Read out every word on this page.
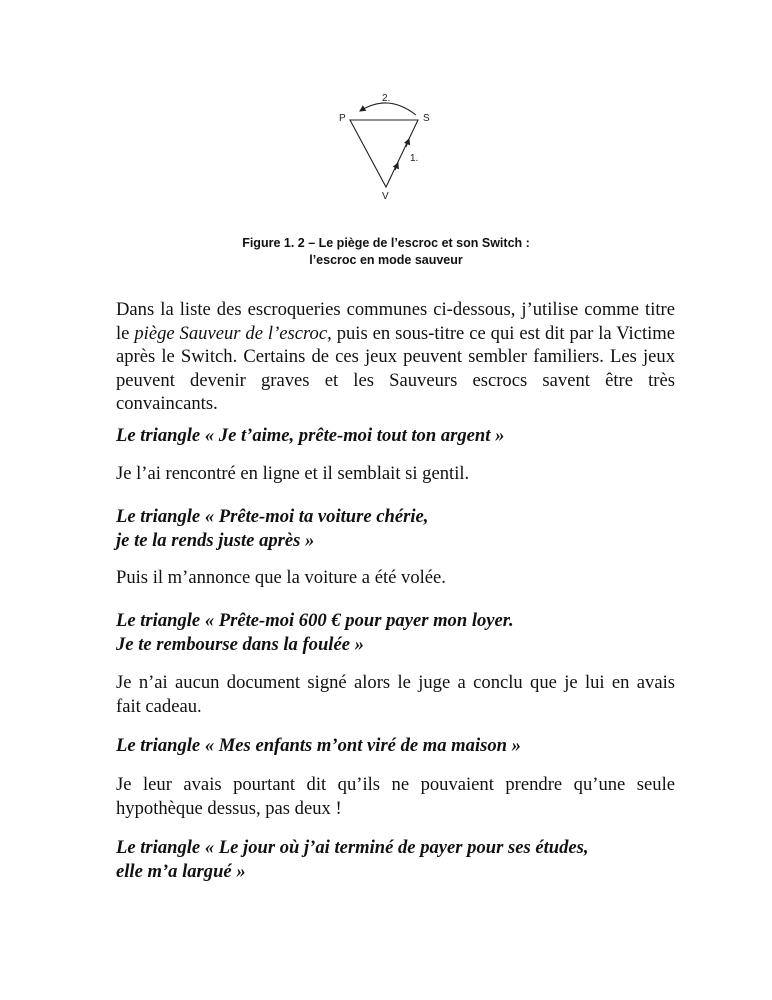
P	S
V
2.
1.
Figure 1. 2 – Le piège de l’escroc et son Switch :
l’escroc en mode sauveur
Dans la liste des escroqueries communes ci-dessous, j’utilise comme titre
le piège Sauveur de l’escroc, puis en sous-titre ce qui est dit par la Victime
après le Switch. Certains de ces jeux peuvent sembler familiers. Les jeux
peuvent devenir graves et les Sauveurs escrocs savent être très
convaincants.
Le triangle « Je t’aime, prête-moi tout ton argent »
Je l’ai rencontré en ligne et il semblait si gentil.
Le triangle « Prête-moi ta voiture chérie,
je te la rends juste après »
Puis il m’annonce que la voiture a été volée.
Le triangle « Prête-moi 600 € pour payer mon loyer.
Je te rembourse dans la foulée »
Je n’ai aucun document signé alors le juge a conclu que je lui en avais
fait cadeau.
Le triangle « Mes enfants m’ont viré de ma maison »
Je leur avais pourtant dit qu’ils ne pouvaient prendre qu’une seule
hypothèque dessus, pas deux !
Le triangle « Le jour où j’ai terminé de payer pour ses études,
elle m’a largué »
